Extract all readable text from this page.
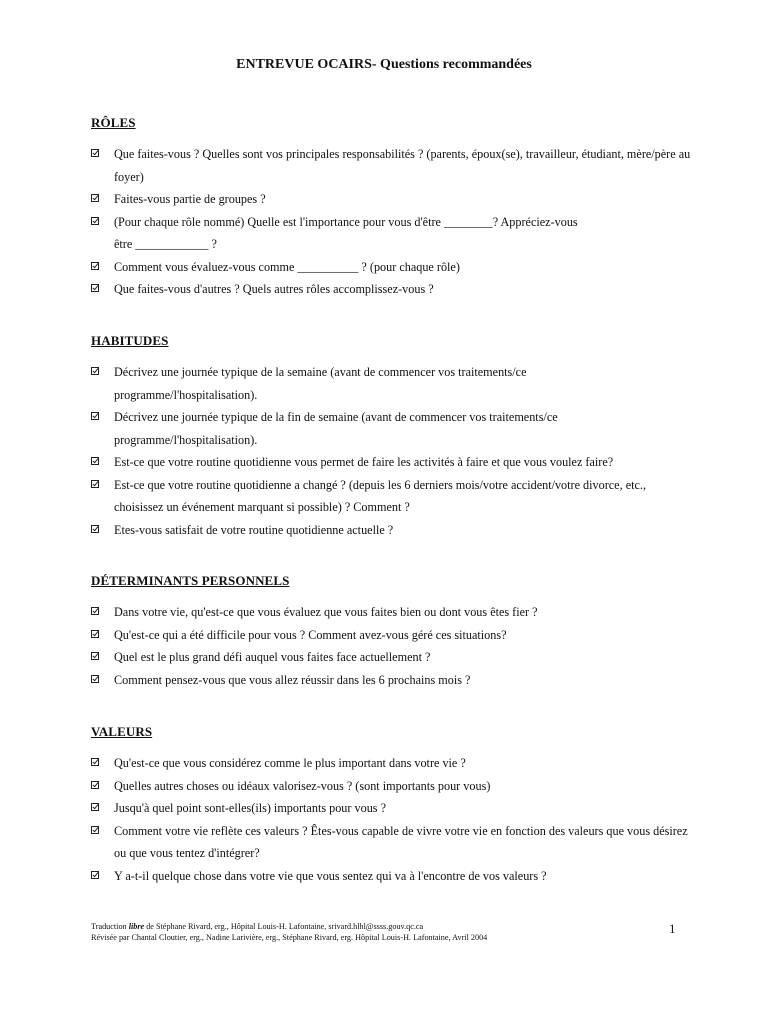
ENTREVUE OCAIRS- Questions recommandées
RÔLES
Que faites-vous ? Quelles sont vos principales responsabilités ? (parents, époux(se), travailleur, étudiant, mère/père au foyer)
Faites-vous partie de groupes ?
(Pour chaque rôle nommé) Quelle est l'importance pour vous d'être ________? Appréciez-vous être ____________ ?
Comment vous évaluez-vous comme __________ ? (pour chaque rôle)
Que faites-vous d'autres ? Quels autres rôles accomplissez-vous ?
HABITUDES
Décrivez une journée typique de la semaine (avant de commencer vos traitements/ce programme/l'hospitalisation).
Décrivez une journée typique de la fin de semaine (avant de commencer vos traitements/ce programme/l'hospitalisation).
Est-ce que votre routine quotidienne vous permet de faire les activités à faire et que vous voulez faire?
Est-ce que votre routine quotidienne a changé ? (depuis les 6 derniers mois/votre accident/votre divorce, etc., choisissez un événement marquant si possible) ? Comment ?
Etes-vous satisfait de votre routine quotidienne actuelle ?
DÉTERMINANTS PERSONNELS
Dans votre vie, qu'est-ce que vous évaluez que vous faites bien ou dont vous êtes fier ?
Qu'est-ce qui a été difficile pour vous ? Comment avez-vous géré ces situations?
Quel est le plus grand défi auquel vous faites face actuellement ?
Comment pensez-vous que vous allez réussir dans les 6 prochains mois ?
VALEURS
Qu'est-ce que vous considérez comme le plus important dans votre vie ?
Quelles autres choses ou idéaux valorisez-vous ? (sont importants pour vous)
Jusqu'à quel point sont-elles(ils) importants pour vous ?
Comment votre vie reflète ces valeurs ? Êtes-vous capable de vivre votre vie en fonction des valeurs que vous désirez ou que vous tentez d'intégrer?
Y a-t-il quelque chose dans votre vie que vous sentez qui va à l'encontre de vos valeurs ?
Traduction libre de Stéphane Rivard, erg., Hôpital Louis-H. Lafontaine, srivard.hlhl@ssss.gouv.qc.ca
Révisée par Chantal Cloutier, erg., Nadine Larivière, erg., Stéphane Rivard, erg. Hôpital Louis-H. Lafontaine, Avril 2004
1
